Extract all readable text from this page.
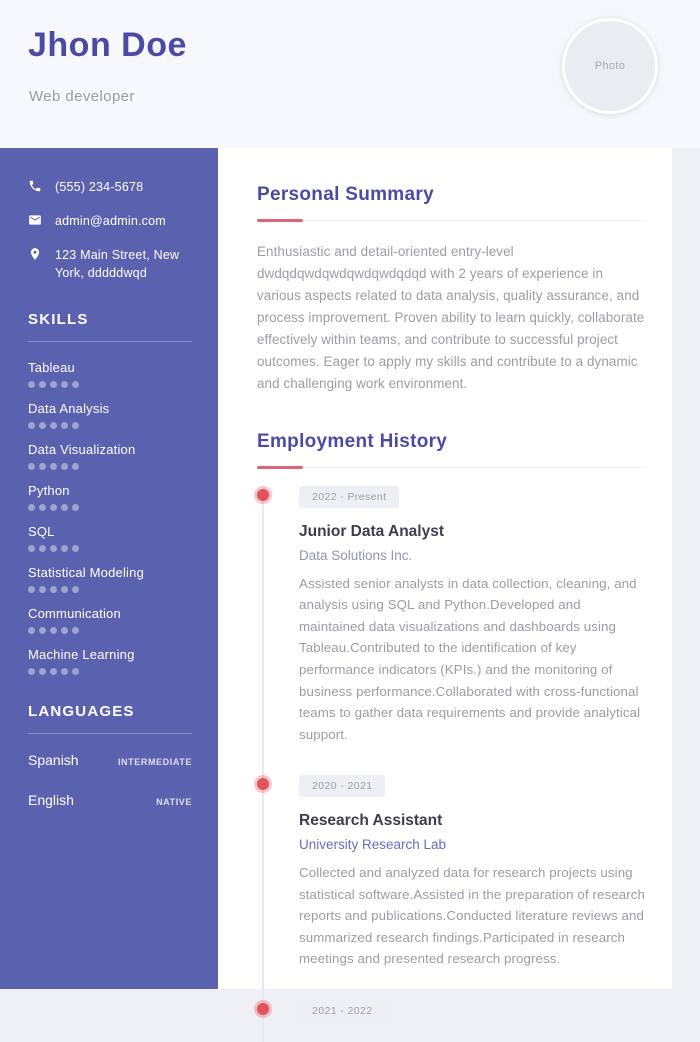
Jhon Doe
Web developer
Photo
(555) 234-5678
admin@admin.com
123 Main Street, New York, dddddwqd
SKILLS
Tableau
Data Analysis
Data Visualization
Python
SQL
Statistical Modeling
Communication
Machine Learning
LANGUAGES
Spanish	INTERMEDIATE
English	NATIVE
Personal Summary
Enthusiastic and detail-oriented entry-level dwdqdqwdqwdqwdqwdqdqd with 2 years of experience in various aspects related to data analysis, quality assurance, and process improvement. Proven ability to learn quickly, collaborate effectively within teams, and contribute to successful project outcomes. Eager to apply my skills and contribute to a dynamic and challenging work environment.
Employment History
2022 - Present
Junior Data Analyst
Data Solutions Inc.
Assisted senior analysts in data collection, cleaning, and analysis using SQL and Python.Developed and maintained data visualizations and dashboards using Tableau.Contributed to the identification of key performance indicators (KPIs.) and the monitoring of business performance.Collaborated with cross-functional teams to gather data requirements and provide analytical support.
2020 - 2021
Research Assistant
University Research Lab
Collected and analyzed data for research projects using statistical software.Assisted in the preparation of research reports and publications.Conducted literature reviews and summarized research findings.Participated in research meetings and presented research progress.
2021 - 2022
